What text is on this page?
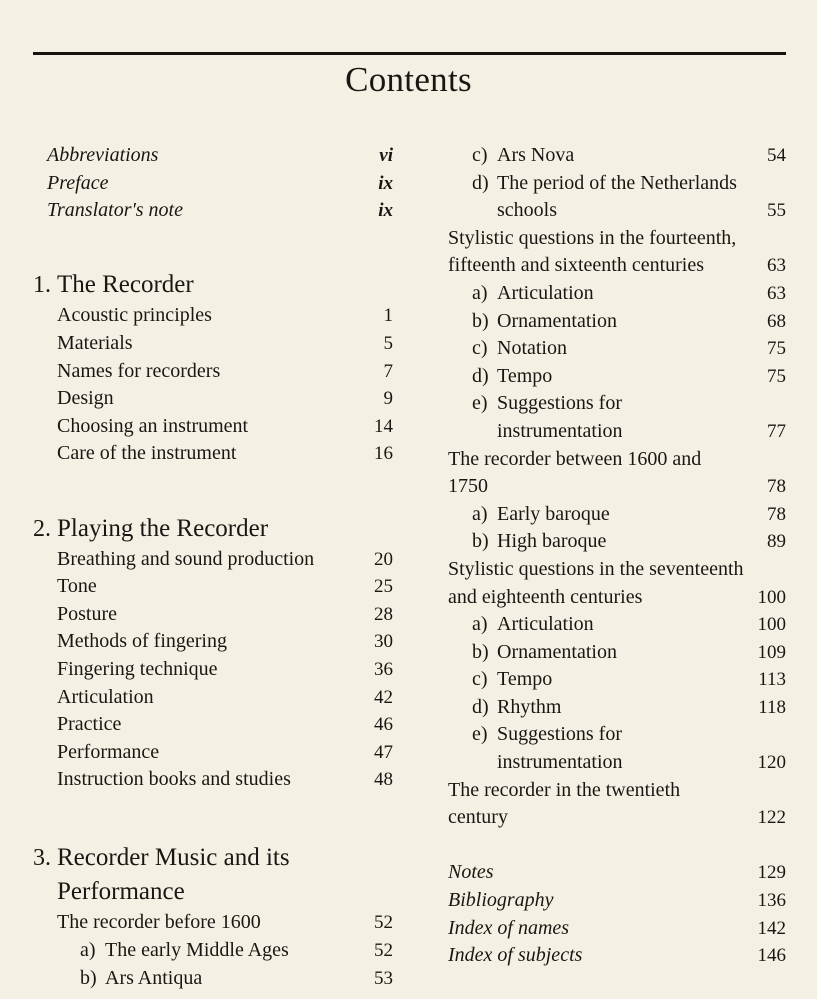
Contents
Abbreviations	vi
Preface	ix
Translator's note	ix
1. The Recorder
Acoustic principles	1
Materials	5
Names for recorders	7
Design	9
Choosing an instrument	14
Care of the instrument	16
2. Playing the Recorder
Breathing and sound production	20
Tone	25
Posture	28
Methods of fingering	30
Fingering technique	36
Articulation	42
Practice	46
Performance	47
Instruction books and studies	48
3. Recorder Music and its
Performance
The recorder before 1600	52
a) The early Middle Ages	52
b) Ars Antiqua	53
c) Ars Nova	54
d) The period of the Netherlands
schools	55
Stylistic questions in the fourteenth,
fifteenth and sixteenth centuries	63
a) Articulation	63
b) Ornamentation	68
c) Notation	75
d) Tempo	75
e) Suggestions for
instrumentation	77
The recorder between 1600 and
1750	78
a) Early baroque	78
b) High baroque	89
Stylistic questions in the seventeenth
and eighteenth centuries	100
a) Articulation	100
b) Ornamentation	109
c) Tempo	113
d) Rhythm	118
e) Suggestions for
instrumentation	120
The recorder in the twentieth
century	122
Notes	129
Bibliography	136
Index of names	142
Index of subjects	146
